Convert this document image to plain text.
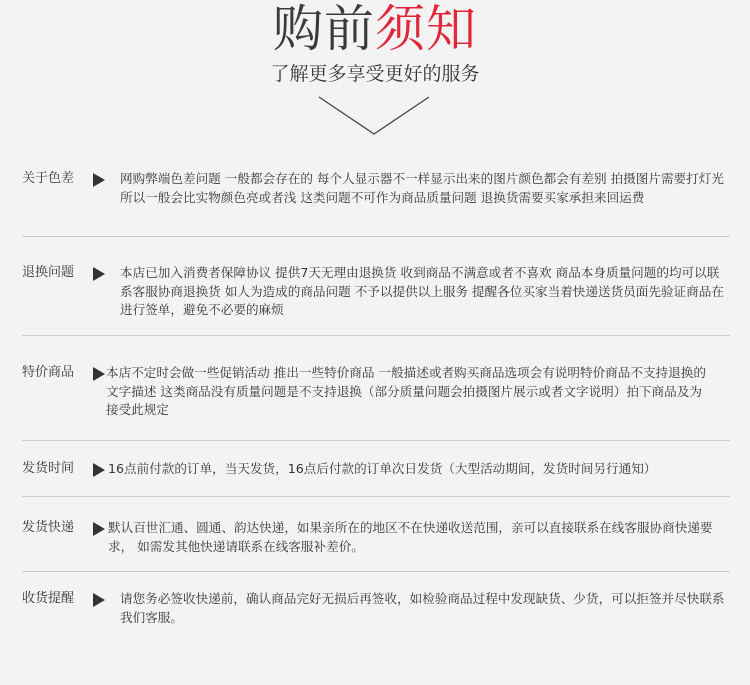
购前须知
了解更多享受更好的服务
关于色差	网购弊端色差问题 一般都会存在的 每个人显示器不一样显示出来的图片颜色都会有差别 拍摄图片需要打灯光 所以一般会比实物颜色亮或者浅 这类问题不可作为商品质量问题 退换货需要买家承担来回运费
退换问题	本店已加入消费者保障协议 提供7天无理由退换货 收到商品不满意或者不喜欢 商品本身质量问题的均可以联系客服协商退换货 如人为造成的商品问题 不予以提供以上服务 提醒各位买家当着快递送货员面先验证商品在进行签单，避免不必要的麻烦
特价商品	本店不定时会做一些促销活动 推出一些特价商品 一般描述或者购买商品选项会有说明特价商品不支持退换的文字描述 这类商品没有质量问题是不支持退换（部分质量问题会拍摄图片展示或者文字说明）拍下商品及为接受此规定
发货时间	16点前付款的订单，当天发货，16点后付款的订单次日发货（大型活动期间，发货时间另行通知）
发货快递	默认百世汇通、圆通、韵达快递，如果亲所在的地区不在快递收送范围，亲可以直接联系在线客服协商快递要求， 如需发其他快递请联系在线客服补差价。
收货提醒	请您务必签收快递前，确认商品完好无损后再签收，如检验商品过程中发现缺货、少货，可以拒签并尽快联系我们客服。
